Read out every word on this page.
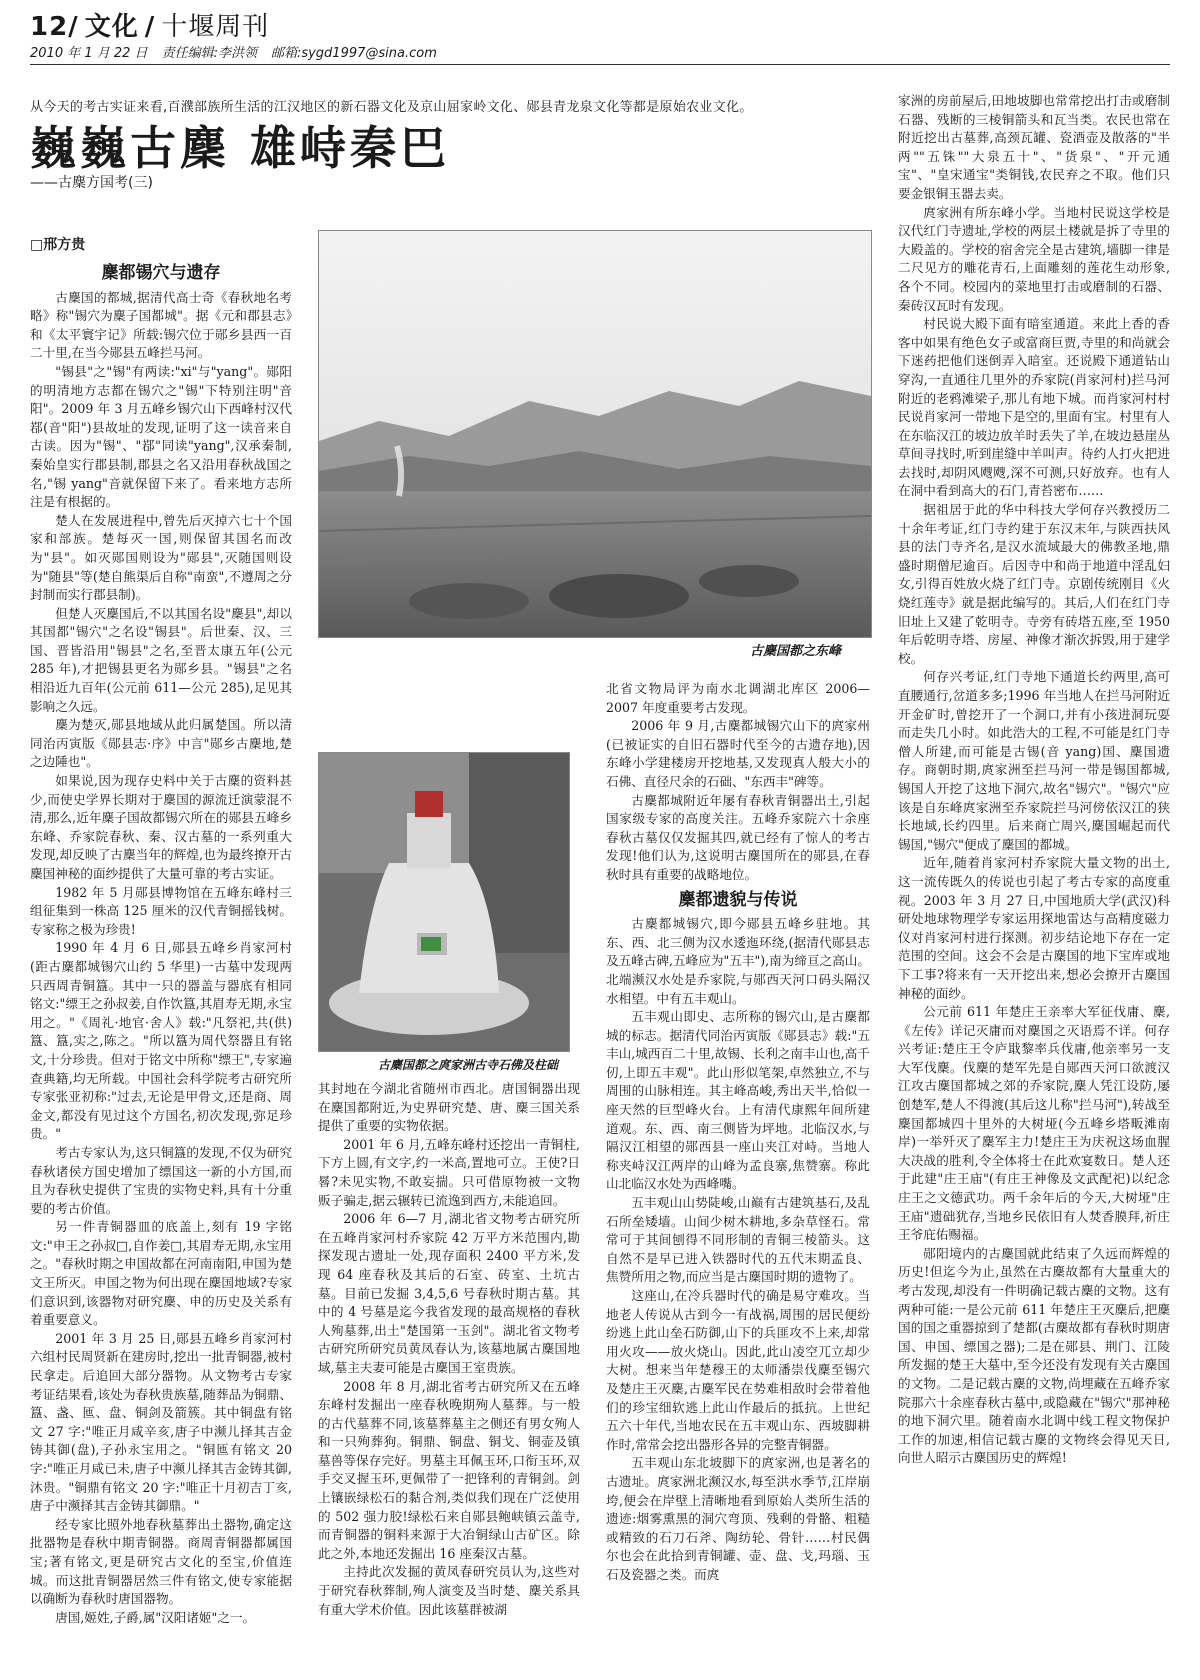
12/ 文化 / 十堰周刊
2010 年 1 月 22 日 责任编辑:李洪领 邮箱:sygd1997@sina.com
从今天的考古实证来看,百濮部族所生活的江汉地区的新石器文化及京山屈家岭文化、郧县青龙泉文化等都是原始农业文化。
巍巍古麇 雄峙秦巴
——古麇方国考(三)
□邢方贵

麇都锡穴与遗存

古麇国的都城,据清代高士奇《春秋地名考略》称"锡穴为麇子国都城"。据《元和郡县志》和《太平寰宇记》所载:锡穴位于郧乡县西一百二十里,在当今郧县五峰拦马河。

"锡县"之"锡"有两读:"xi"与"yang"。郧阳的明清地方志都在锡穴之"锡"下特别注明"音阳"。2009 年 3 月五峰乡锡穴山下西峰村汉代鄀(音"阳")县故址的发现,证明了这一读音来自古读。因为"锡"、"鄀"同读"yang",汉承秦制,秦始皇实行郡县制,郡县之名又沿用春秋战国之名,"锡 yang"音就保留下来了。看来地方志所注是有根据的。

楚人在发展进程中,曾先后灭掉六七十个国家和部族。楚每灭一国,则保留其国名而改为"县"。如灭郧国则设为"郧县",灭随国则设为"随县"等(楚自熊渠后自称"南蛮",不遵周之分封制而实行郡县制)。

但楚人灭麇国后,不以其国名设"麇县",却以其国都"锡穴"之名设"锡县"。后世秦、汉、三国、晋皆沿用"锡县"之名,至晋太康五年(公元 285 年),才把锡县更名为郧乡县。"锡县"之名相沿近九百年(公元前 611—公元 285),足见其影响之久远。

麇为楚灭,郧县地域从此归属楚国。所以清同治丙寅版《郧县志·序》中言"郧乡古麇地,楚之边陲也"。

如果说,因为现存史料中关于古麇的资料甚少,而使史学界长期对于麇国的源流迁演蒙混不清,那么,近年麇子国故都锡穴所在的郧县五峰乡东峰、乔家院春秋、秦、汉古墓的一系列重大发现,却反映了古麇当年的辉煌,也为最终撩开古麇国神秘的面纱提供了大量可靠的考古实证。

1982 年 5 月郧县博物馆在五峰东峰村三组征集到一株高 125 厘米的汉代青铜摇钱树。专家称之极为珍贵!

1990 年 4 月 6 日,郧县五峰乡肖家河村(距古麇都城锡穴山约 5 华里)一古墓中发现两只西周青铜簋。其中一只的器盖与器底有相同铭文:"缥王之孙叔姜,自作饮簋,其眉寿无期,永宝用之。"《周礼·地官·舍人》载:"凡祭祀,共(供)簋、簋,实之,陈之。"所以簋为周代祭器且有铭文,十分珍贵。但对于铭文中所称"缥王",专家遍查典籍,均无所载。中国社会科学院考古研究所专家张亚初称:"过去,无论是甲骨文,还是商、周金文,都没有见过这个方国名,初次发现,弥足珍贵。"

考古专家认为,这只铜簋的发现,不仅为研究春秋诸侯方国史增加了缥国这一新的小方国,而且为春秋史提供了宝贵的实物史料,具有十分重要的考古价值。

另一件青铜器皿的底盖上,刻有 19 字铭文:"申王之孙叔□,自作姜□,其眉寿无期,永宝用之。"春秋时期之申国故都在河南南阳,申国为楚文王所灭。申国之物为何出现在麇国地域?专家们意识到,该器物对研究麇、申的历史及关系有着重要意义。

2001 年 3 月 25 日,郧县五峰乡肖家河村六组村民周贤新在建房时,挖出一批青铜器,被村民拿走。后追回大部分器物。从文物考古专家考证结果看,该处为春秋贵族墓,随葬品为铜鼎、簋、盏、匜、盘、铜剑及箭簇。其中铜盘有铭文 27 字:"唯正月咸辛亥,唐子中濒儿择其吉金铸其御(盘),子孙永宝用之。"铜匜有铭文 20 字:"唯正月咸已未,唐子中濒儿择其吉金铸其御,沐贵。"铜鼎有铭文 20 字:"唯正十月初吉丁亥,唐子中濒择其吉金铸其御鼎。"

经专家比照外地春秋墓葬出土器物,确定这批器物是春秋中期青铜器。商周青铜器都属国宝;著有铭文,更是研究古文化的至宝,价值连城。而这批青铜器居然三件有铭文,使专家能据以确断为春秋时唐国器物。

唐国,姬姓,子爵,属"汉阳诸姬"之一。

古麇国都之东峰
古麇国都之庹家洲古寺石佛及柱础

其封地在今湖北省随州市西北。唐国铜器出现在麇国都附近,为史界研究楚、唐、麇三国关系提供了重要的实物依据。

2001 年 6 月,五峰东峰村还挖出一青铜柱,下方上圆,有文字,约一米高,置地可立。王使?日晷?未见实物,不敢妄揣。只可借原物被一文物贩子骗走,据云辗转已流逸到西方,未能追回。

2006 年 6—7 月,湖北省文物考古研究所在五峰肖家河村乔家院 42 万平方米范围内,勘探发现古遗址一处,现存面积 2400 平方米,发现 64 座春秋及其后的石室、砖室、土坑古墓。目前已发掘 3,4,5,6 号春秋时期古墓。其中的 4 号墓是迄今我省发现的最高规格的春秋人殉墓葬,出土"楚国第一玉剑"。湖北省文物考古研究所研究员黄凤春认为,该墓地属古麇国地域,墓主夫妻可能是古麇国王室贵族。

2008 年 8 月,湖北省考古研究所又在五峰东峰村发掘出一座春秋晚期殉人墓葬。与一般的古代墓葬不同,该墓葬墓主之侧还有男女殉人和一只殉葬狗。铜鼎、铜盘、铜戈、铜壶及镇墓兽等保存完好。男墓主耳佩玉环,口衔玉环,双手交叉握玉环,更佩带了一把锋利的青铜剑。剑上镶嵌绿松石的黏合剂,类似我们现在广泛使用的 502 强力胶!绿松石来自郧县鲍峡镇云盖寺,而青铜器的铜料来源于大冶铜绿山古矿区。除此之外,本地还发掘出 16 座秦汉古墓。

主持此次发掘的黄凤春研究员认为,这些对于研究春秋葬制,殉人演变及当时楚、麇关系具有重大学术价值。因此该墓群被湖

北省文物局评为南水北调湖北库区 2006—2007 年度重要考古发现。

2006 年 9 月,古麇都城锡穴山下的庹家州(已被证实的自旧石器时代至今的古遗存地),因东峰小学建楼房开挖地基,又发现真人般大小的石佛、直径尺余的石础、"东西丰"碑等。

古麇都城附近年屡有春秋青铜器出土,引起国家级专家的高度关注。五峰乔家院六十余座春秋古墓仅仅发掘其四,就已经有了惊人的考古发现!他们认为,这说明古麇国所在的郧县,在春秋时具有重要的战略地位。

麇都遗貌与传说

古麇都城锡穴,即今郧县五峰乡驻地。其东、西、北三侧为汉水逶迤环绕,(据清代郧县志及五峰古碑,五峰应为"五丰"),南为缔亘之高山。北端濒汉水处是乔家院,与郧西天河口码头隔汉水相望。中有五丰观山。

五丰观山即史、志所称的锡穴山,是古麇都城的标志。据清代同治丙寅版《郧县志》载:"五丰山,城西百二十里,故锡、长利之南丰山也,高千仞,上即五丰观"。此山形似笔架,卓然独立,不与周围的山脉相连。其主峰高峻,秀出天半,恰似一座天然的巨型峰火台。上有清代康熙年间所建道观。东、西、南三侧皆为坪地。北临汉水,与隔汉江相望的郧西县一座山夹江对峙。当地人称夹峙汉江两岸的山峰为孟良寨,焦赞寨。称此山北临汉水处为西峰嘴。

五丰观山山势陡峻,山巅有古建筑基石,及乱石所垒矮墙。山间少树木耕地,多杂草怪石。常常可于其间刨得不同形制的青铜三棱箭头。这自然不是早已进入铁器时代的五代末期孟良、焦赞所用之物,而应当是古麇国时期的遗物了。

这座山,在冷兵器时代的确是易守难攻。当地老人传说从古到今一有战祸,周围的居民便纷纷逃上此山垒石防御,山下的兵匪攻不上来,却常用火攻——放火烧山。因此,此山凌空兀立却少大树。想来当年楚穆王的太师潘崇伐麇至锡穴及楚庄王灭麇,古麇军民在势难相敌时会带着他们的珍宝细软逃上此山作最后的抵抗。上世纪五六十年代,当地农民在五丰观山东、西坡脚耕作时,常常会挖出器形各异的完整青铜器。

五丰观山东北坡脚下的庹家洲,也是著名的古遗址。庹家洲北濒汉水,每至洪水季节,江岸崩垮,便会在岸壁上清晰地看到原始人类所生活的遗迹:烟雾熏黑的洞穴弯顶、残剩的骨骼、粗糙或精致的石刀石斧、陶纺轮、骨针……村民偶尔也会在此拾到青铜罐、壶、盘、戈,玛瑙、玉石及瓷器之类。而庹

家洲的房前屋后,田地坡脚也常常挖出打击或磨制石器、残断的三棱铜箭头和瓦当类。农民也常在附近挖出古墓葬,高颈瓦罐、瓷酒壶及散落的"半两""五铢""大泉五十"、"货泉"、"开元通宝"、"皇宋通宝"类铜钱,农民弃之不取。他们只要金银铜玉器去卖。

庹家洲有所东峰小学。当地村民说这学校是汉代红门寺遗址,学校的两层土楼就是拆了寺里的大殿盖的。学校的宿舍完全是古建筑,墙脚一律是二尺见方的雕花青石,上面雕刻的莲花生动形象,各个不同。校园内的菜地里打击或磨制的石器、秦砖汉瓦时有发现。

村民说大殿下面有暗室通道。来此上香的香客中如果有绝色女子或富商巨贾,寺里的和尚就会下迷药把他们迷倒弄入暗室。还说殿下通道钻山穿沟,一直通往几里外的乔家院(肖家河村)拦马河附近的老鸦滩梁子,那儿有地下城。而肖家河村村民说肖家河一带地下是空的,里面有宝。村里有人在东临汉江的坡边放羊时丢失了羊,在坡边悬崖丛草间寻找时,听到崖缝中羊叫声。待约人打火把进去找时,却阴风飕飕,深不可测,只好放弃。也有人在洞中看到高大的石门,青苔密布……

据祖居于此的华中科技大学何存兴教授历二十余年考证,红门寺约建于东汉末年,与陕西扶风县的法门寺齐名,是汉水流域最大的佛教圣地,鼎盛时期僧尼逾百。后因寺中和尚于地道中淫乱妇女,引得百姓放火烧了红门寺。京剧传统刚目《火烧红莲寺》就是据此编写的。其后,人们在红门寺旧址上又建了乾明寺。寺旁有砖塔五座,至 1950 年后乾明寺塔、房屋、神像才渐次拆毁,用于建学校。

何存兴考证,红门寺地下通道长约两里,高可直腰通行,岔道多多;1996 年当地人在拦马河附近开金矿时,曾挖开了一个洞口,并有小孩进洞玩耍而走失几小时。如此浩大的工程,不可能是红门寺僧人所建,而可能是古锡(音 yang)国、麇国遗存。商朝时期,庹家洲至拦马河一带是锡国都城,锡国人开挖了这地下洞穴,故名"锡穴"。"锡穴"应该是自东峰庹家洲至乔家院拦马河傍依汉江的狭长地域,长约四里。后来商亡周兴,麇国崛起而代锡国,"锡穴"便成了麇国的都城。

近年,随着肖家河村乔家院大量文物的出土,这一流传既久的传说也引起了考古专家的高度重视。2003 年 3 月 27 日,中国地质大学(武汉)科研处地球物理学专家运用探地雷达与高精度磁力仪对肖家河村进行探测。初步结论地下存在一定范围的空间。这会不会是古麇国的地下宝库或地下工事?将来有一天开挖出来,想必会撩开古麇国神秘的面纱。

公元前 611 年楚庄王亲率大军征伐庸、麇,《左传》详记灭庸而对麇国之灭语焉不详。何存兴考证:楚庄王令庐戢黎率兵伐庸,他亲率另一支大军伐麇。伐麇的楚军先是自郧西天河口欲渡汉江攻古麇国都城之郊的乔家院,麇人凭江设防,屡创楚军,楚人不得渡(其后这儿称"拦马河"),转战至麇国都城四十里外的大树垭(今五峰乡塔畈滩南岸)一举歼灭了麇军主力!楚庄王为庆祝这场血腥大决战的胜利,令全体将士在此欢宴数日。楚人还于此建"庄王庙"(有庄王神像及文武配祀)以纪念庄王之文德武功。两千余年后的今天,大树垭"庄王庙"遗础犹存,当地乡民依旧有人焚香膜拜,祈庄王爷庇佑赐福。

郧阳境内的古麇国就此结束了久远而辉煌的历史!但迄今为止,虽然在古麇故都有大量重大的考古发现,却没有一件明确记载古麇的文物。这有两种可能:一是公元前 611 年楚庄王灭麇后,把麇国的国之重器掠到了楚都(古麇故都有春秋时期唐国、申国、缥国之器);二是在郧县、荆门、江陵所发掘的楚王大墓中,至今还没有发现有关古麇国的文物。二是记载古麇的文物,尚埋藏在五峰乔家院那六十余座春秋古墓中,或隐藏在"锡穴"那神秘的地下洞穴里。随着南水北调中线工程文物保护工作的加速,相信记载古麇的文物终会得见天日,向世人昭示古麇国历史的辉煌!
